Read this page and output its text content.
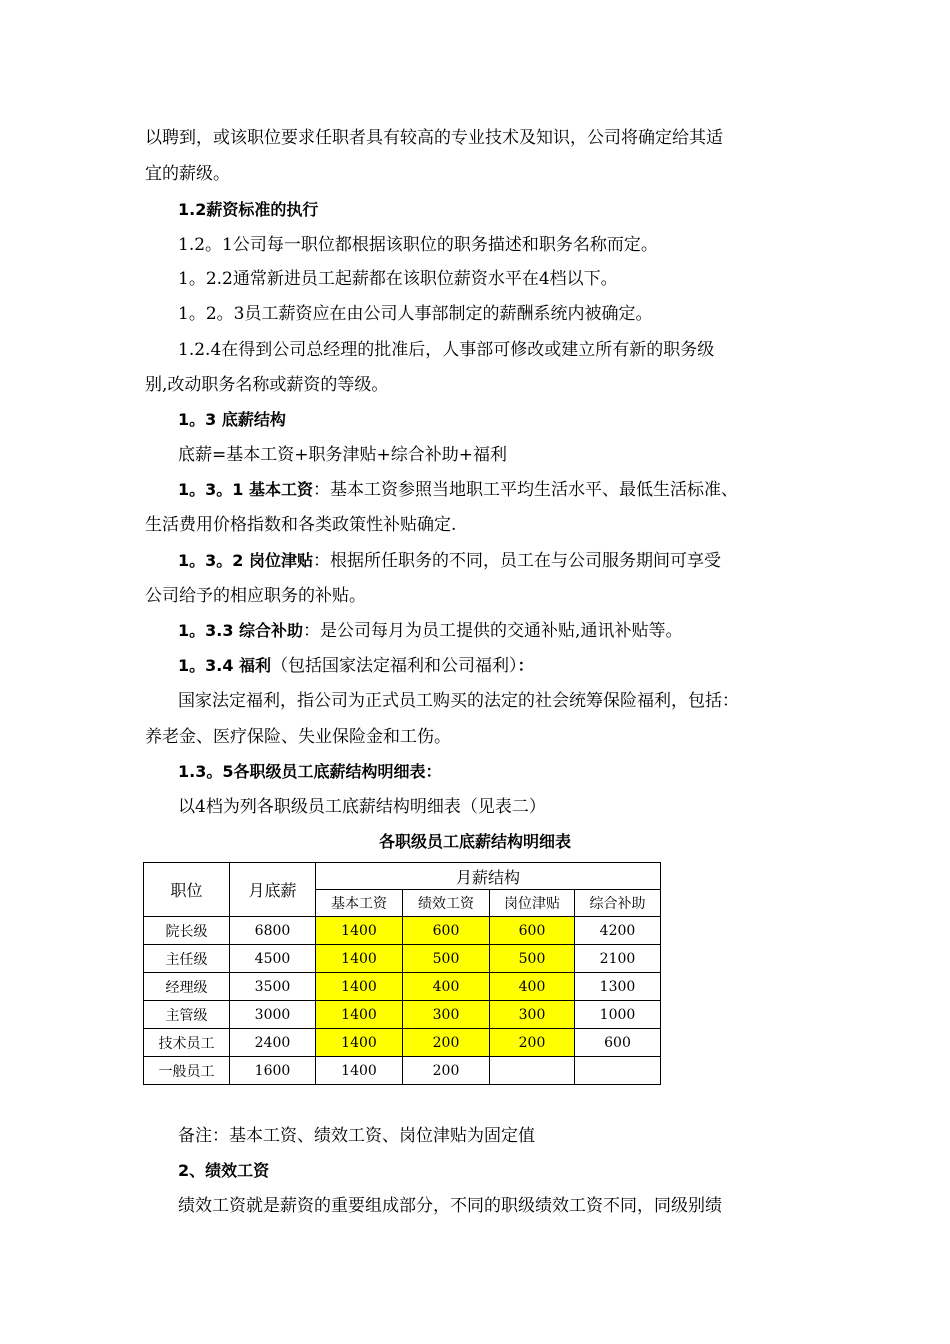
以聘到，或该职位要求任职者具有较高的专业技术及知识，公司将确定给其适
宜的薪级。
1.2薪资标准的执行
1.2。1公司每一职位都根据该职位的职务描述和职务名称而定。
1。2.2通常新进员工起薪都在该职位薪资水平在4档以下。
1。2。3员工薪资应在由公司人事部制定的薪酬系统内被确定。
1.2.4在得到公司总经理的批准后，人事部可修改或建立所有新的职务级
别,改动职务名称或薪资的等级。
1。3 底薪结构
底薪=基本工资+职务津贴+综合补助+福利
1。3。1 基本工资：基本工资参照当地职工平均生活水平、最低生活标准、
生活费用价格指数和各类政策性补贴确定.
1。3。2 岗位津贴：根据所任职务的不同，员工在与公司服务期间可享受
公司给予的相应职务的补贴。
1。3.3 综合补助：是公司每月为员工提供的交通补贴,通讯补贴等。
1。3.4 福利（包括国家法定福利和公司福利）：
国家法定福利，指公司为正式员工购买的法定的社会统筹保险福利，包括：
养老金、医疗保险、失业保险金和工伤。
1.3。5各职级员工底薪结构明细表：
以4档为列各职级员工底薪结构明细表（见表二）
各职级员工底薪结构明细表
职位	月底薪	月薪结构			
		基本工资	绩效工资	岗位津贴	综合补助
院长级	6800	1400	600	600	4200
主任级	4500	1400	500	500	2100
经理级	3500	1400	400	400	1300
主管级	3000	1400	300	300	1000
技术员工	2400	1400	200	200	600
一般员工	1600	1400	200		
备注：基本工资、绩效工资、岗位津贴为固定值
2、绩效工资
绩效工资就是薪资的重要组成部分，不同的职级绩效工资不同，同级别绩
